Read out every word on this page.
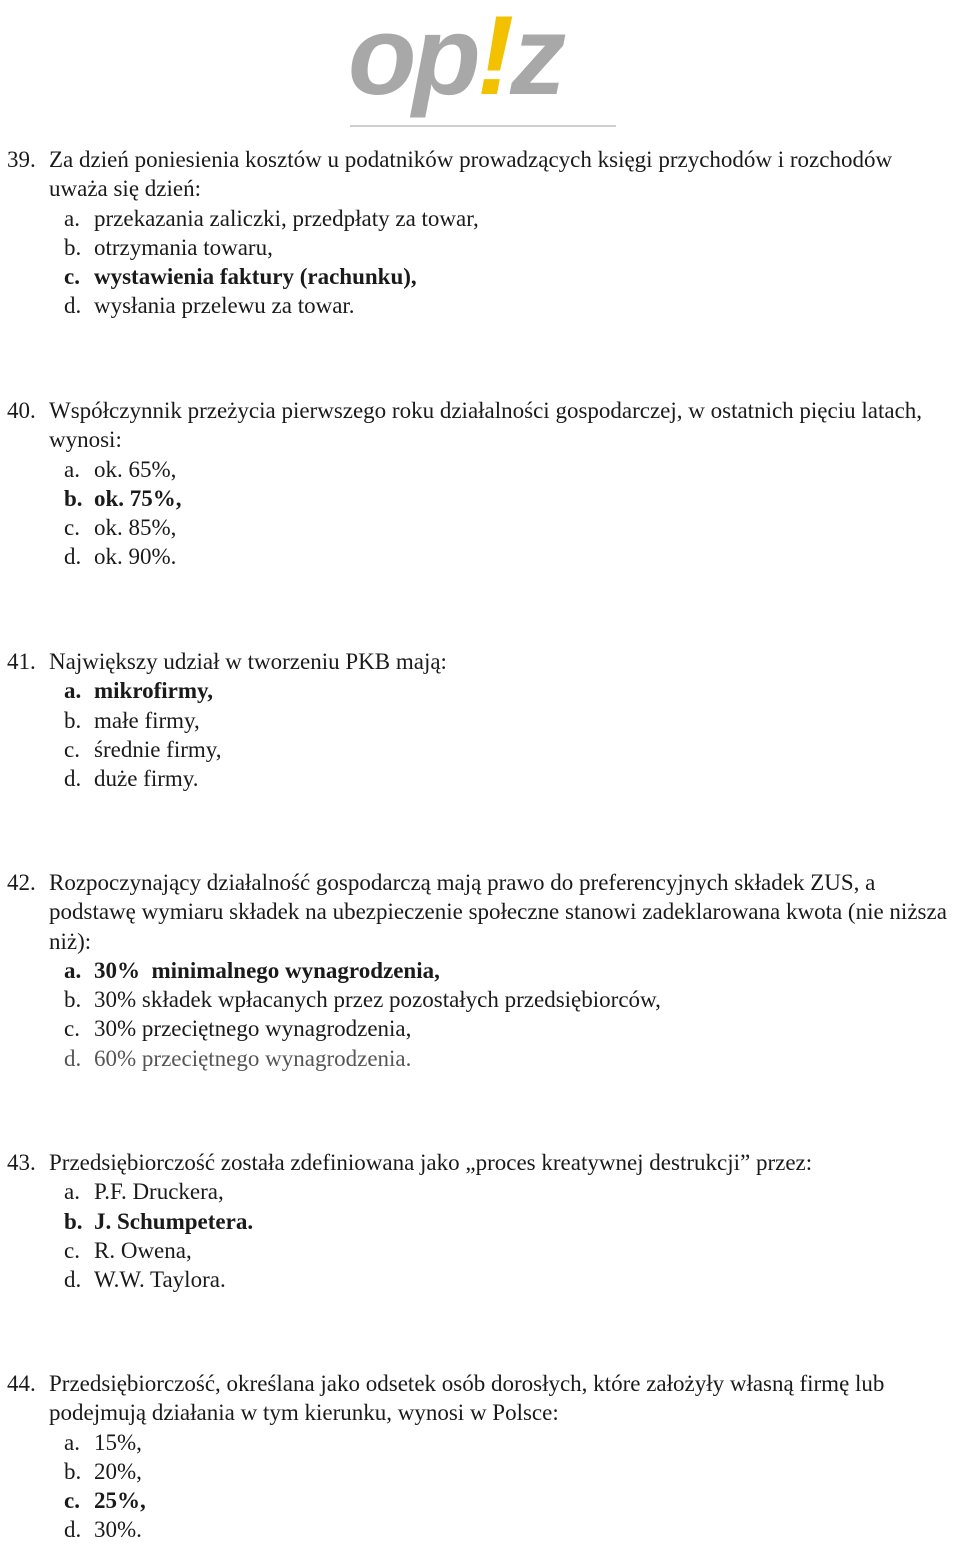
op!z
39. Za dzień poniesienia kosztów u podatników prowadzących księgi przychodów i rozchodów uważa się dzień:
a. przekazania zaliczki, przedpłaty za towar,
b. otrzymania towaru,
c. wystawienia faktury (rachunku),
d. wysłania przelewu za towar.
40. Współczynnik przeżycia pierwszego roku działalności gospodarczej, w ostatnich pięciu latach, wynosi:
a. ok. 65%,
b. ok. 75%,
c. ok. 85%,
d. ok. 90%.
41. Największy udział w tworzeniu PKB mają:
a. mikrofirmy,
b. małe firmy,
c. średnie firmy,
d. duże firmy.
42. Rozpoczynający działalność gospodarczą mają prawo do preferencyjnych składek ZUS, a podstawę wymiaru składek na ubezpieczenie społeczne stanowi zadeklarowana kwota (nie niższa niż):
a. 30%  minimalnego wynagrodzenia,
b. 30% składek wpłacanych przez pozostałych przedsiębiorców,
c. 30% przeciętnego wynagrodzenia,
d. 60% przeciętnego wynagrodzenia.
43. Przedsiębiorczość została zdefiniowana jako „proces kreatywnej destrukcji” przez:
a. P.F. Druckera,
b. J. Schumpetera.
c. R. Owena,
d. W.W. Taylora.
44. Przedsiębiorczość, określana jako odsetek osób dorosłych, które założyły własną firmę lub podejmują działania w tym kierunku, wynosi w Polsce:
a. 15%,
b. 20%,
c. 25%,
d. 30%.
